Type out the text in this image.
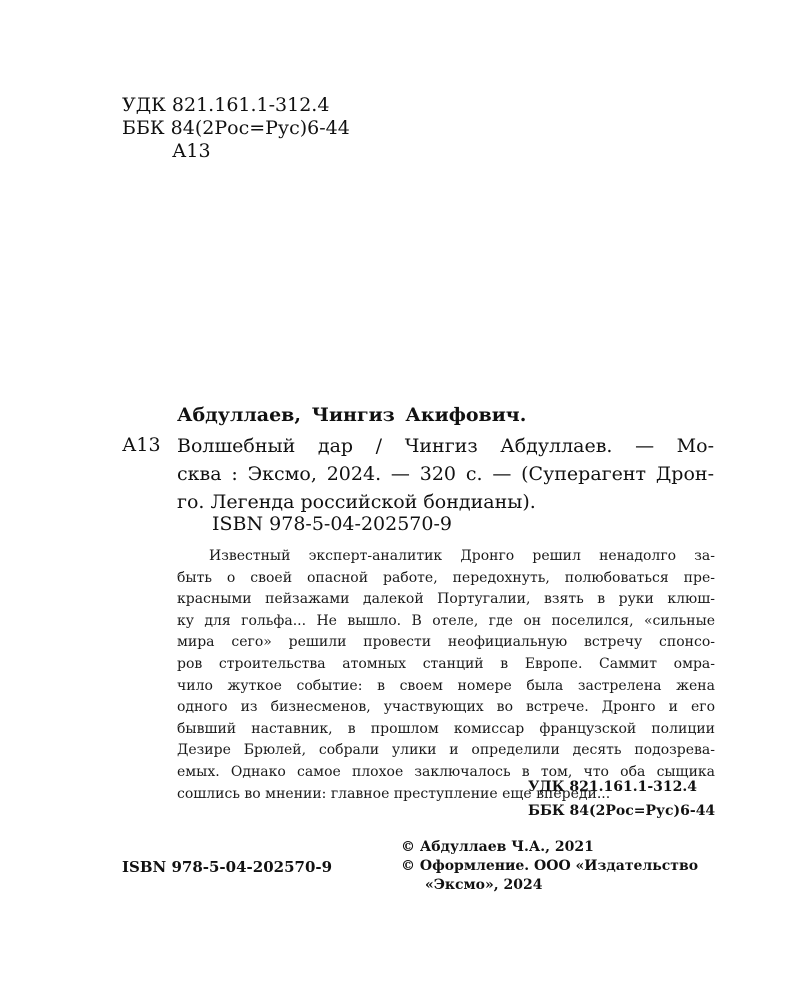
УДК 821.161.1-312.4
ББК 84(2Рос=Рус)6-44
А13
Абдуллаев, Чингиз Акифович.
А13 Волшебный дар / Чингиз Абдуллаев. — Мо-
сква : Эксмо, 2024. — 320 с. — (Суперагент Дрон-
го. Легенда российской бондианы).
ISBN 978-5-04-202570-9
Известный эксперт-аналитик Дронго решил ненадолго за-
быть о своей опасной работе, передохнуть, полюбоваться пре-
красными пейзажами далекой Португалии, взять в руки клюш-
ку для гольфа... Не вышло. В отеле, где он поселился, «сильные
мира сего» решили провести неофициальную встречу спонсо-
ров строительства атомных станций в Европе. Саммит омра-
чило жуткое событие: в своем номере была застрелена жена
одного из бизнесменов, участвующих во встрече. Дронго и его
бывший наставник, в прошлом комиссар французской полиции
Дезире Брюлей, собрали улики и определили десять подозрева-
емых. Однако самое плохое заключалось в том, что оба сыщика
сошлись во мнении: главное преступление еще впереди...
УДК 821.161.1-312.4
ББК 84(2Рос=Рус)6-44
© Абдуллаев Ч.А., 2021
© Оформление. ООО «Издательство
«Эксмо», 2024
ISBN 978-5-04-202570-9
